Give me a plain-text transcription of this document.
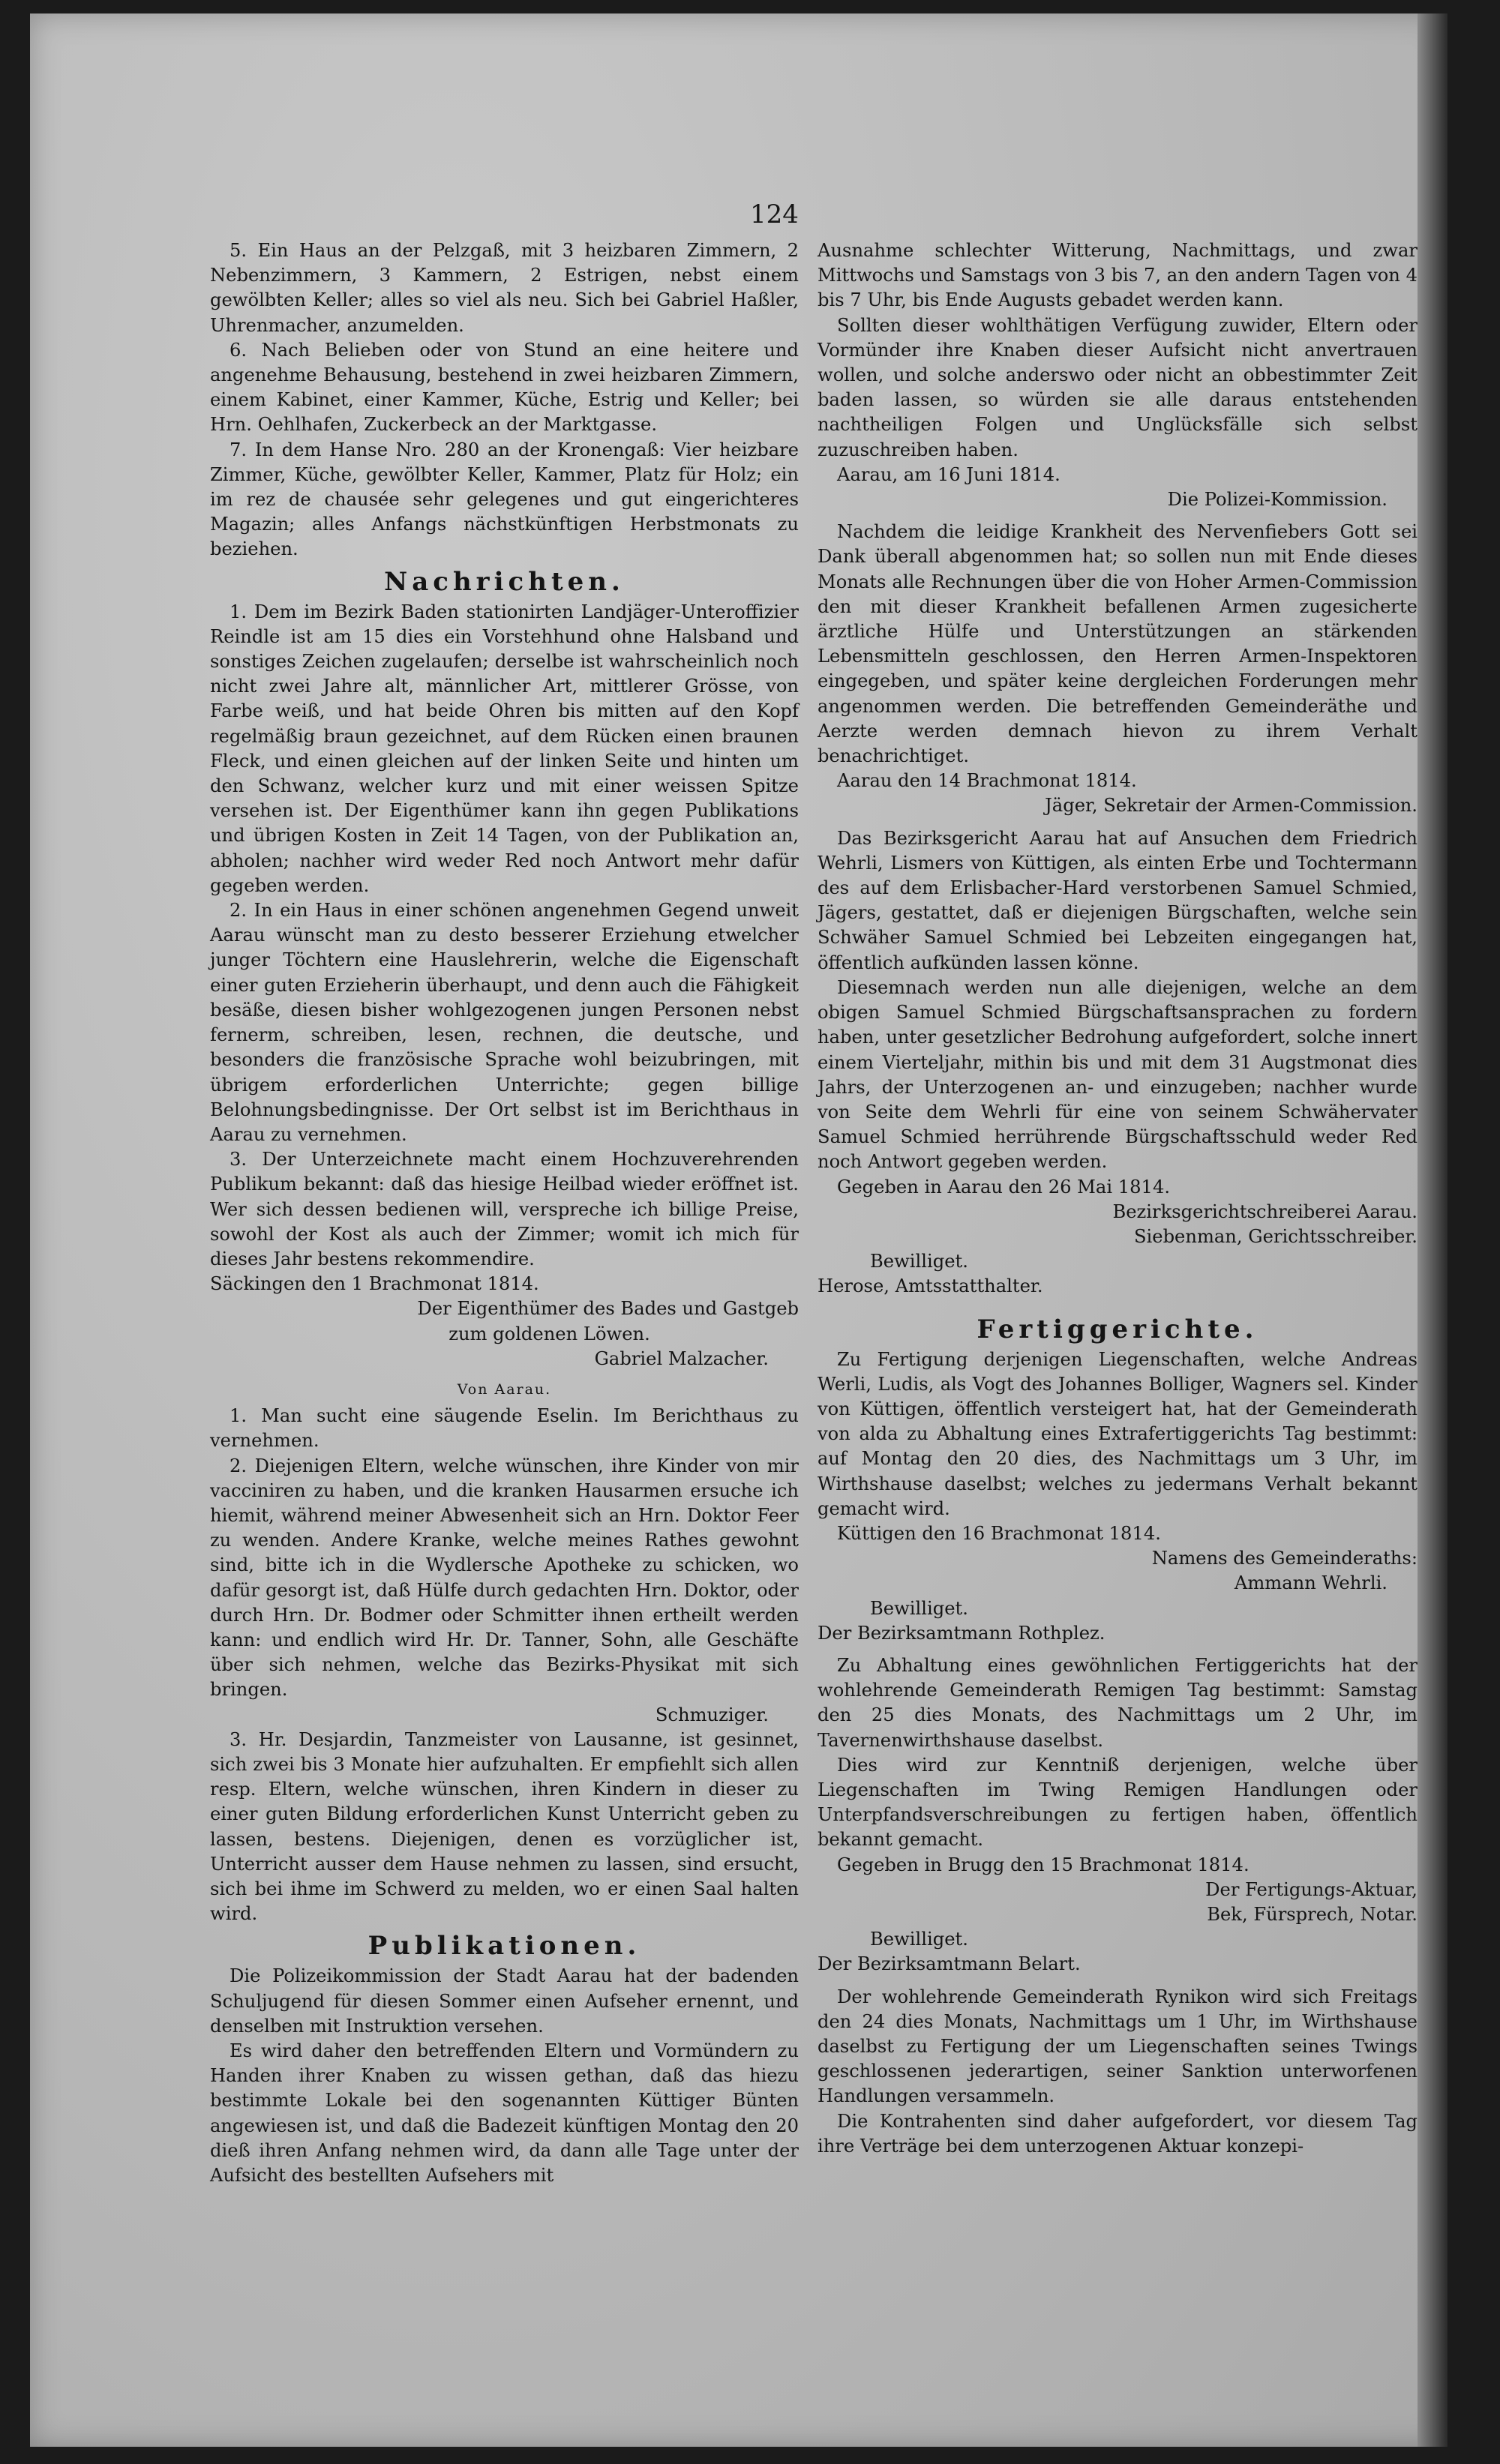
124

5. Ein Haus an der Pelzgaß, mit 3 heizbaren Zimmern, 2 Nebenzimmern, 3 Kammern, 2 Estrigen, nebst einem gewölbten Keller; alles so viel als neu. Sich bei Gabriel Haßler, Uhrenmacher, anzumelden.

6. Nach Belieben oder von Stund an eine heitere und angenehme Behausung, bestehend in zwei heizbaren Zimmern, einem Kabinet, einer Kammer, Küche, Estrig und Keller; bei Hrn. Oehlhafen, Zuckerbeck an der Marktgasse.

7. In dem Hanse Nro. 280 an der Kronengaß: Vier heizbare Zimmer, Küche, gewölbter Keller, Kammer, Platz für Holz; ein im rez de chausée sehr gelegenes und gut eingerichteres Magazin; alles Anfangs nächstkünftigen Herbstmonats zu beziehen.

Nachrichten.

1. Dem im Bezirk Baden stationirten Landjäger-Unteroffizier Reindle ist am 15 dies ein Vorstehhund ohne Halsband und sonstiges Zeichen zugelaufen; derselbe ist wahrscheinlich noch nicht zwei Jahre alt, männlicher Art, mittlerer Grösse, von Farbe weiß, und hat beide Ohren bis mitten auf den Kopf regelmäßig braun gezeichnet, auf dem Rücken einen braunen Fleck, und einen gleichen auf der linken Seite und hinten um den Schwanz, welcher kurz und mit einer weissen Spitze versehen ist. Der Eigenthümer kann ihn gegen Publikations und übrigen Kosten in Zeit 14 Tagen, von der Publikation an, abholen; nachher wird weder Red noch Antwort mehr dafür gegeben werden.

2. In ein Haus in einer schönen angenehmen Gegend unweit Aarau wünscht man zu desto besserer Erziehung etwelcher junger Töchtern eine Hauslehrerin, welche die Eigenschaft einer guten Erzieherin überhaupt, und denn auch die Fähigkeit besäße, diesen bisher wohlgezogenen jungen Personen nebst fernerm, schreiben, lesen, rechnen, die deutsche, und besonders die französische Sprache wohl beizubringen, mit übrigem erforderlichen Unterrichte; gegen billige Belohnungsbedingnisse. Der Ort selbst ist im Berichthaus in Aarau zu vernehmen.

3. Der Unterzeichnete macht einem Hochzuverehrenden Publikum bekannt: daß das hiesige Heilbad wieder eröffnet ist. Wer sich dessen bedienen will, verspreche ich billige Preise, sowohl der Kost als auch der Zimmer; womit ich mich für dieses Jahr bestens rekommendire.

Säckingen den 1 Brachmonat 1814.

Der Eigenthümer des Bades und Gastgeb

zum goldenen Löwen.

Gabriel Malzacher.

Von Aarau.

1. Man sucht eine säugende Eselin. Im Berichthaus zu vernehmen.

2. Diejenigen Eltern, welche wünschen, ihre Kinder von mir vacciniren zu haben, und die kranken Hausarmen ersuche ich hiemit, während meiner Abwesenheit sich an Hrn. Doktor Feer zu wenden. Andere Kranke, welche meines Rathes gewohnt sind, bitte ich in die Wydlersche Apotheke zu schicken, wo dafür gesorgt ist, daß Hülfe durch gedachten Hrn. Doktor, oder durch Hrn. Dr. Bodmer oder Schmitter ihnen ertheilt werden kann: und endlich wird Hr. Dr. Tanner, Sohn, alle Geschäfte über sich nehmen, welche das Bezirks-Physikat mit sich bringen.

Schmuziger.

3. Hr. Desjardin, Tanzmeister von Lausanne, ist gesinnet, sich zwei bis 3 Monate hier aufzuhalten. Er empfiehlt sich allen resp. Eltern, welche wünschen, ihren Kindern in dieser zu einer guten Bildung erforderlichen Kunst Unterricht geben zu lassen, bestens. Diejenigen, denen es vorzüglicher ist, Unterricht ausser dem Hause nehmen zu lassen, sind ersucht, sich bei ihme im Schwerd zu melden, wo er einen Saal halten wird.

Publikationen.

Die Polizeikommission der Stadt Aarau hat der badenden Schuljugend für diesen Sommer einen Aufseher ernennt, und denselben mit Instruktion versehen.

Es wird daher den betreffenden Eltern und Vormündern zu Handen ihrer Knaben zu wissen gethan, daß das hiezu bestimmte Lokale bei den sogenannten Küttiger Bünten angewiesen ist, und daß die Badezeit künftigen Montag den 20 dieß ihren Anfang nehmen wird, da dann alle Tage unter der Aufsicht des bestellten Aufsehers mit

Ausnahme schlechter Witterung, Nachmittags, und zwar Mittwochs und Samstags von 3 bis 7, an den andern Tagen von 4 bis 7 Uhr, bis Ende Augusts gebadet werden kann.

Sollten dieser wohlthätigen Verfügung zuwider, Eltern oder Vormünder ihre Knaben dieser Aufsicht nicht anvertrauen wollen, und solche anderswo oder nicht an obbestimmter Zeit baden lassen, so würden sie alle daraus entstehenden nachtheiligen Folgen und Unglücksfälle sich selbst zuzuschreiben haben.

Aarau, am 16 Juni 1814.

Die Polizei-Kommission.

Nachdem die leidige Krankheit des Nervenfiebers Gott sei Dank überall abgenommen hat; so sollen nun mit Ende dieses Monats alle Rechnungen über die von Hoher Armen-Commission den mit dieser Krankheit befallenen Armen zugesicherte ärztliche Hülfe und Unterstützungen an stärkenden Lebensmitteln geschlossen, den Herren Armen-Inspektoren eingegeben, und später keine dergleichen Forderungen mehr angenommen werden. Die betreffenden Gemeinderäthe und Aerzte werden demnach hievon zu ihrem Verhalt benachrichtiget.

Aarau den 14 Brachmonat 1814.

Jäger, Sekretair der Armen-Commission.

Das Bezirksgericht Aarau hat auf Ansuchen dem Friedrich Wehrli, Lismers von Küttigen, als einten Erbe und Tochtermann des auf dem Erlisbacher-Hard verstorbenen Samuel Schmied, Jägers, gestattet, daß er diejenigen Bürgschaften, welche sein Schwäher Samuel Schmied bei Lebzeiten eingegangen hat, öffentlich aufkünden lassen könne.

Diesemnach werden nun alle diejenigen, welche an dem obigen Samuel Schmied Bürgschaftsansprachen zu fordern haben, unter gesetzlicher Bedrohung aufgefordert, solche innert einem Vierteljahr, mithin bis und mit dem 31 Augstmonat dies Jahrs, der Unterzogenen an- und einzugeben; nachher wurde von Seite dem Wehrli für eine von seinem Schwähervater Samuel Schmied herrührende Bürgschaftsschuld weder Red noch Antwort gegeben werden.

Gegeben in Aarau den 26 Mai 1814.

Bezirksgerichtschreiberei Aarau.

Siebenman, Gerichtsschreiber.

Bewilliget.

Herose, Amtsstatthalter.

Fertiggerichte.

Zu Fertigung derjenigen Liegenschaften, welche Andreas Werli, Ludis, als Vogt des Johannes Bolliger, Wagners sel. Kinder von Küttigen, öffentlich versteigert hat, hat der Gemeinderath von alda zu Abhaltung eines Extrafertiggerichts Tag bestimmt: auf Montag den 20 dies, des Nachmittags um 3 Uhr, im Wirthshause daselbst; welches zu jedermans Verhalt bekannt gemacht wird.

Küttigen den 16 Brachmonat 1814.

Namens des Gemeinderaths:

Ammann Wehrli.

Bewilliget.

Der Bezirksamtmann Rothplez.

Zu Abhaltung eines gewöhnlichen Fertiggerichts hat der wohlehrende Gemeinderath Remigen Tag bestimmt: Samstag den 25 dies Monats, des Nachmittags um 2 Uhr, im Tavernenwirthshause daselbst.

Dies wird zur Kenntniß derjenigen, welche über Liegenschaften im Twing Remigen Handlungen oder Unterpfandsverschreibungen zu fertigen haben, öffentlich bekannt gemacht.

Gegeben in Brugg den 15 Brachmonat 1814.

Der Fertigungs-Aktuar,

Bek, Fürsprech, Notar.

Bewilliget.

Der Bezirksamtmann Belart.

Der wohlehrende Gemeinderath Rynikon wird sich Freitags den 24 dies Monats, Nachmittags um 1 Uhr, im Wirthshause daselbst zu Fertigung der um Liegenschaften seines Twings geschlossenen jederartigen, seiner Sanktion unterworfenen Handlungen versammeln.

Die Kontrahenten sind daher aufgefordert, vor diesem Tag ihre Verträge bei dem unterzogenen Aktuar konzepi-
